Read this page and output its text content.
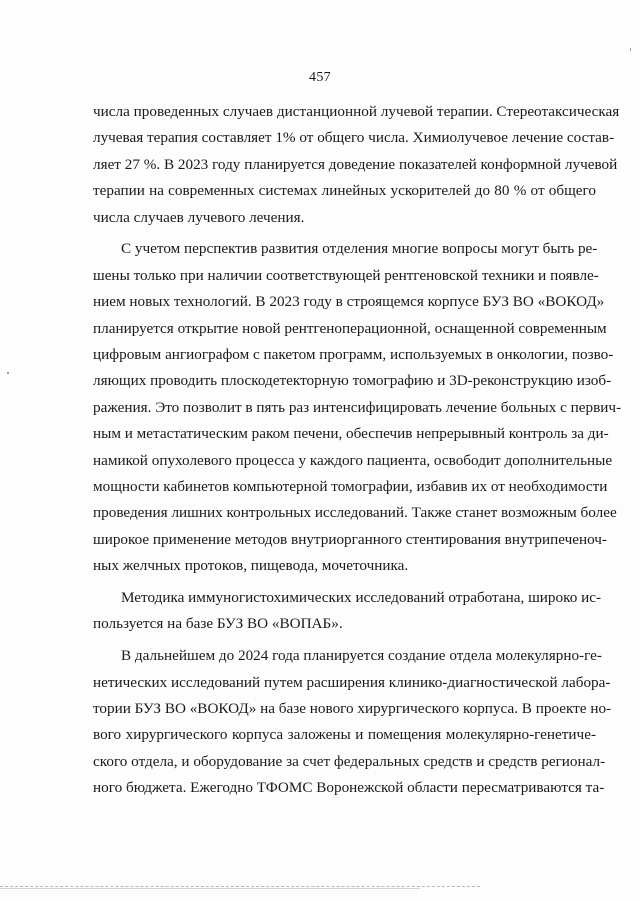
457
числа проведенных случаев дистанционной лучевой терапии. Стереотаксическая
лучевая терапия составляет 1% от общего числа. Химиолучевое лечение состав-
ляет 27 %. В 2023 году планируется доведение показателей конформной лучевой
терапии на современных системах линейных ускорителей до 80 % от общего
числа случаев лучевого лечения.
С учетом перспектив развития отделения многие вопросы могут быть ре-
шены только при наличии соответствующей рентгеновской техники и появле-
нием новых технологий. В 2023 году в строящемся корпусе БУЗ ВО «ВОКОД»
планируется открытие новой рентгеноперационной, оснащенной современным
цифровым ангиографом с пакетом программ, используемых в онкологии, позво-
ляющих проводить плоскодетекторную томографию и 3D-реконструкцию изоб-
ражения. Это позволит в пять раз интенсифицировать лечение больных с первич-
ным и метастатическим раком печени, обеспечив непрерывный контроль за ди-
намикой опухолевого процесса у каждого пациента, освободит дополнительные
мощности кабинетов компьютерной томографии, избавив их от необходимости
проведения лишних контрольных исследований. Также станет возможным более
широкое применение методов внутриорганного стентирования внутрипеченоч-
ных желчных протоков, пищевода, мочеточника.
Методика иммуногистохимических исследований отработана, широко ис-
пользуется на базе БУЗ ВО «ВОПАБ».
В дальнейшем до 2024 года планируется создание отдела молекулярно-ге-
нетических исследований путем расширения клинико-диагностической лабора-
тории БУЗ ВО «ВОКОД» на базе нового хирургического корпуса. В проекте но-
вого хирургического корпуса заложены и помещения молекулярно-генетиче-
ского отдела, и оборудование за счет федеральных средств и средств регионал-
ного бюджета. Ежегодно ТФОМС Воронежской области пересматриваются та-
